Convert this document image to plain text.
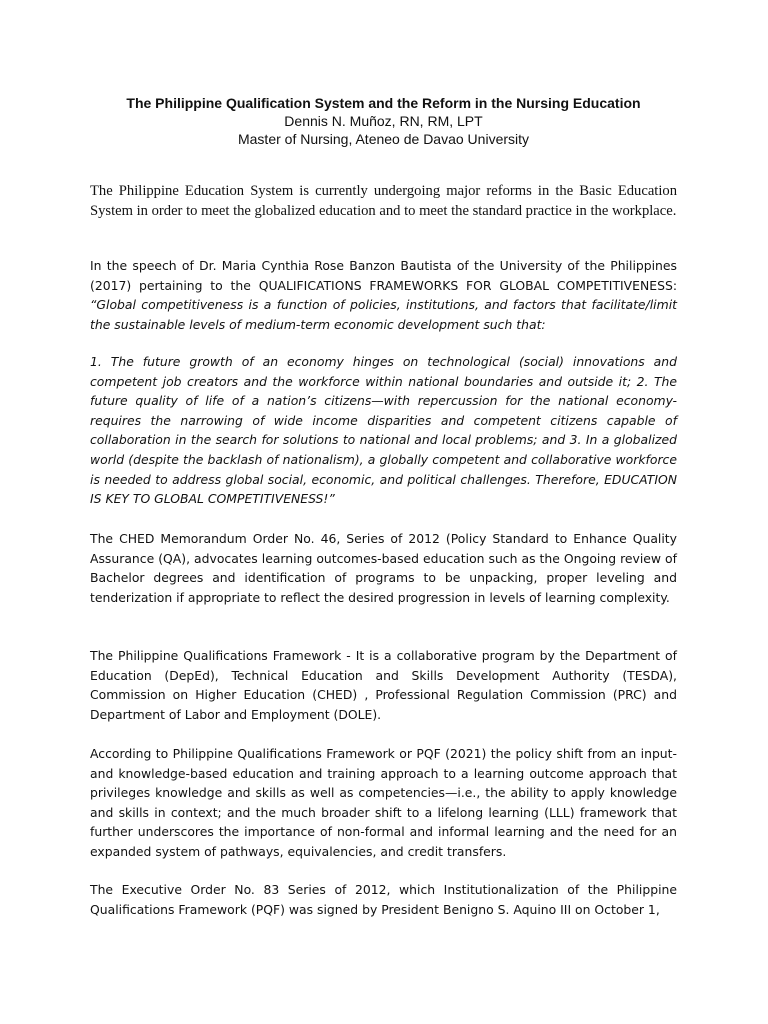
The Philippine Qualification System and the Reform in the Nursing Education
Dennis N. Muñoz, RN, RM, LPT
Master of Nursing, Ateneo de Davao University

The Philippine Education System is currently undergoing major reforms in the Basic Education System in order to meet the globalized education and to meet the standard practice in the workplace.

In the speech of Dr. Maria Cynthia Rose Banzon Bautista of the University of the Philippines (2017) pertaining to the QUALIFICATIONS FRAMEWORKS FOR GLOBAL COMPETITIVENESS: “Global competitiveness is a function of policies, institutions, and factors that facilitate/limit the sustainable levels of medium-term economic development such that:

1. The future growth of an economy hinges on technological (social) innovations and competent job creators and the workforce within national boundaries and outside it; 2. The future quality of life of a nation’s citizens—with repercussion for the national economy- requires the narrowing of wide income disparities and competent citizens capable of collaboration in the search for solutions to national and local problems; and 3. In a globalized world (despite the backlash of nationalism), a globally competent and collaborative workforce is needed to address global social, economic, and political challenges. Therefore, EDUCATION IS KEY TO GLOBAL COMPETITIVENESS!”

The CHED Memorandum Order No. 46, Series of 2012 (Policy Standard to Enhance Quality Assurance (QA), advocates learning outcomes-based education such as the Ongoing review of Bachelor degrees and identification of programs to be unpacking, proper leveling and tenderization if appropriate to reflect the desired progression in levels of learning complexity.

The Philippine Qualifications Framework - It is a collaborative program by the Department of Education (DepEd), Technical Education and Skills Development Authority (TESDA), Commission on Higher Education (CHED) , Professional Regulation Commission (PRC) and Department of Labor and Employment (DOLE).

According to Philippine Qualifications Framework or PQF (2021) the policy shift from an input- and knowledge-based education and training approach to a learning outcome approach that privileges knowledge and skills as well as competencies—i.e., the ability to apply knowledge and skills in context; and the much broader shift to a lifelong learning (LLL) framework that further underscores the importance of non-formal and informal learning and the need for an expanded system of pathways, equivalencies, and credit transfers.

The Executive Order No. 83 Series of 2012, which Institutionalization of the Philippine Qualifications Framework (PQF) was signed by President Benigno S. Aquino III on October 1,
